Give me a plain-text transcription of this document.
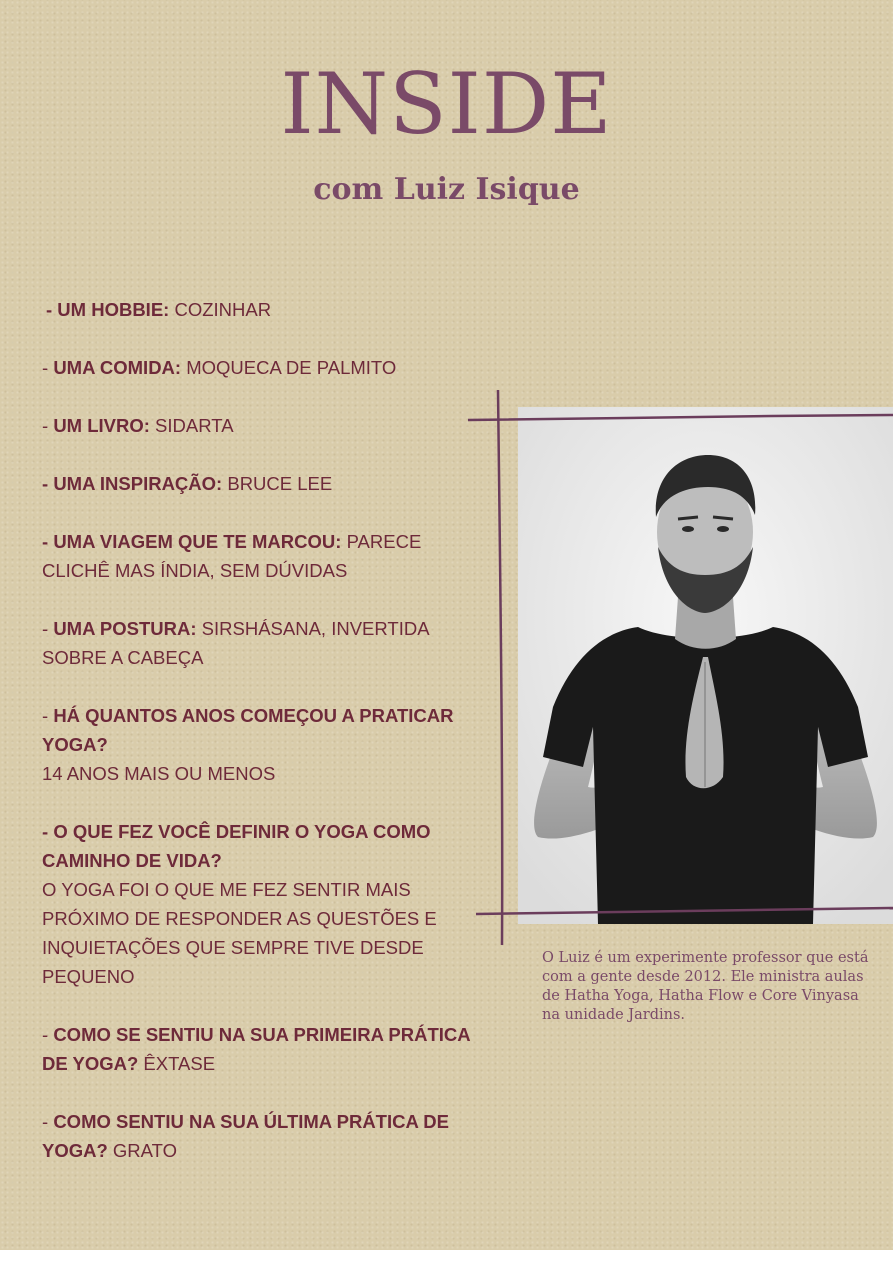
INSIDE
com Luiz Isique
- UM HOBBIE: COZINHAR
- UMA COMIDA: MOQUECA DE PALMITO
- UM LIVRO: SIDARTA
- UMA INSPIRAÇÃO: BRUCE LEE
- UMA VIAGEM QUE TE MARCOU: PARECE CLICHÊ MAS ÍNDIA, SEM DÚVIDAS
- UMA POSTURA: SIRSHÁSANA, INVERTIDA SOBRE A CABEÇA
- HÁ QUANTOS ANOS COMEÇOU A PRATICAR YOGA?
14 ANOS MAIS OU MENOS
- O QUE FEZ VOCÊ DEFINIR O YOGA COMO CAMINHO DE VIDA?
O YOGA FOI O QUE ME FEZ SENTIR MAIS PRÓXIMO DE RESPONDER AS QUESTÕES E INQUIETAÇÕES QUE SEMPRE TIVE DESDE PEQUENO
- COMO SE SENTIU NA SUA PRIMEIRA PRÁTICA DE YOGA? ÊXTASE
- COMO SENTIU NA SUA ÚLTIMA PRÁTICA DE YOGA? GRATO
O Luiz é um experimente professor que está com a gente desde 2012. Ele ministra aulas de Hatha Yoga, Hatha Flow e Core Vinyasa na unidade Jardins.
